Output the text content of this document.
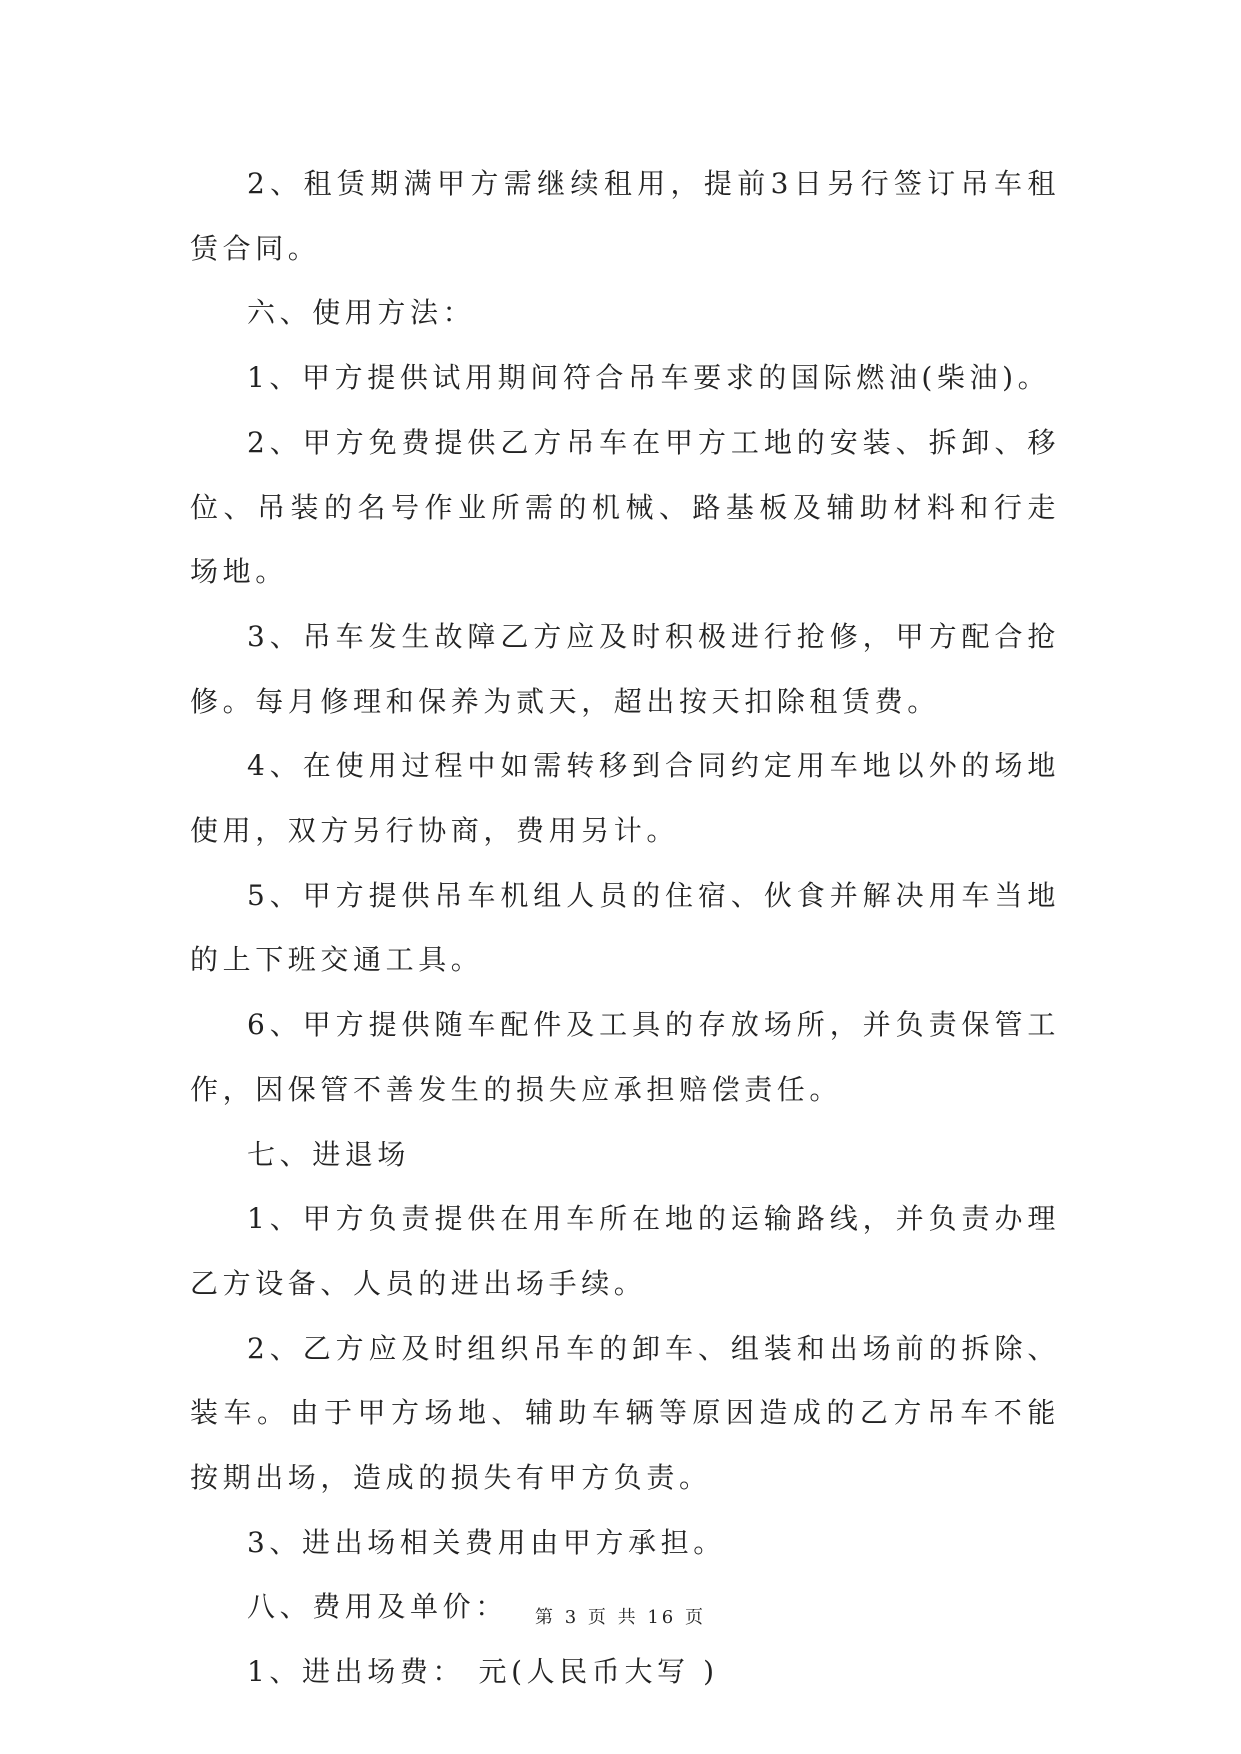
2、租赁期满甲方需继续租用，提前3日另行签订吊车租赁合同。

六、使用方法：

1、甲方提供试用期间符合吊车要求的国际燃油(柴油)。

2、甲方免费提供乙方吊车在甲方工地的安装、拆卸、移位、吊装的名号作业所需的机械、路基板及辅助材料和行走场地。

3、吊车发生故障乙方应及时积极进行抢修，甲方配合抢修。每月修理和保养为贰天，超出按天扣除租赁费。

4、在使用过程中如需转移到合同约定用车地以外的场地使用，双方另行协商，费用另计。

5、甲方提供吊车机组人员的住宿、伙食并解决用车当地的上下班交通工具。

6、甲方提供随车配件及工具的存放场所，并负责保管工作，因保管不善发生的损失应承担赔偿责任。

七、进退场

1、甲方负责提供在用车所在地的运输路线，并负责办理乙方设备、人员的进出场手续。

2、乙方应及时组织吊车的卸车、组装和出场前的拆除、装车。由于甲方场地、辅助车辆等原因造成的乙方吊车不能按期出场，造成的损失有甲方负责。

3、进出场相关费用由甲方承担。

八、费用及单价：

1、进出场费： 元(人民币大写 )

第 3 页 共 16 页
